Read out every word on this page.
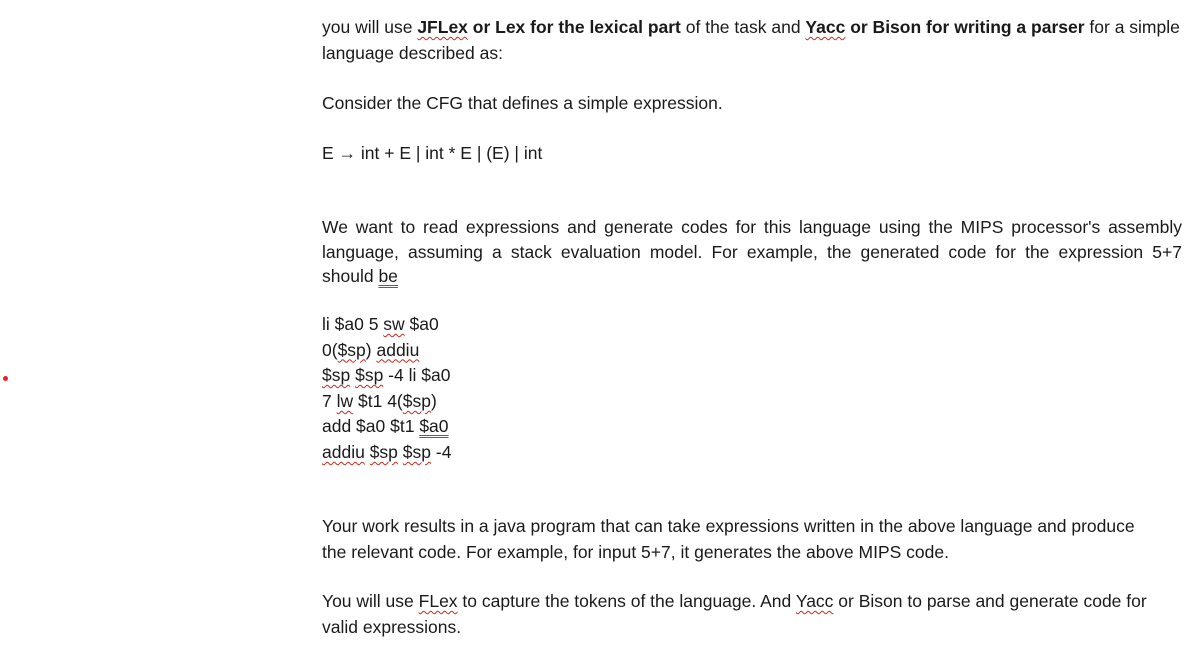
you will use JFLex or Lex for the lexical part of the task and Yacc or Bison for writing a parser for a simple
language described as:

Consider the CFG that defines a simple expression.

E → int + E | int * E | (E) | int

We want to read expressions and generate codes for this language using the MIPS processor's assembly
language, assuming a stack evaluation model. For example, the generated code for the expression 5+7
should be

li $a0 5 sw $a0
0($sp) addiu
$sp $sp -4 li $a0
7 lw $t1 4($sp)
add $a0 $t1 $a0
addiu $sp $sp -4

Your work results in a java program that can take expressions written in the above language and produce
the relevant code. For example, for input 5+7, it generates the above MIPS code.

You will use FLex to capture the tokens of the language. And Yacc or Bison to parse and generate code for
valid expressions.
